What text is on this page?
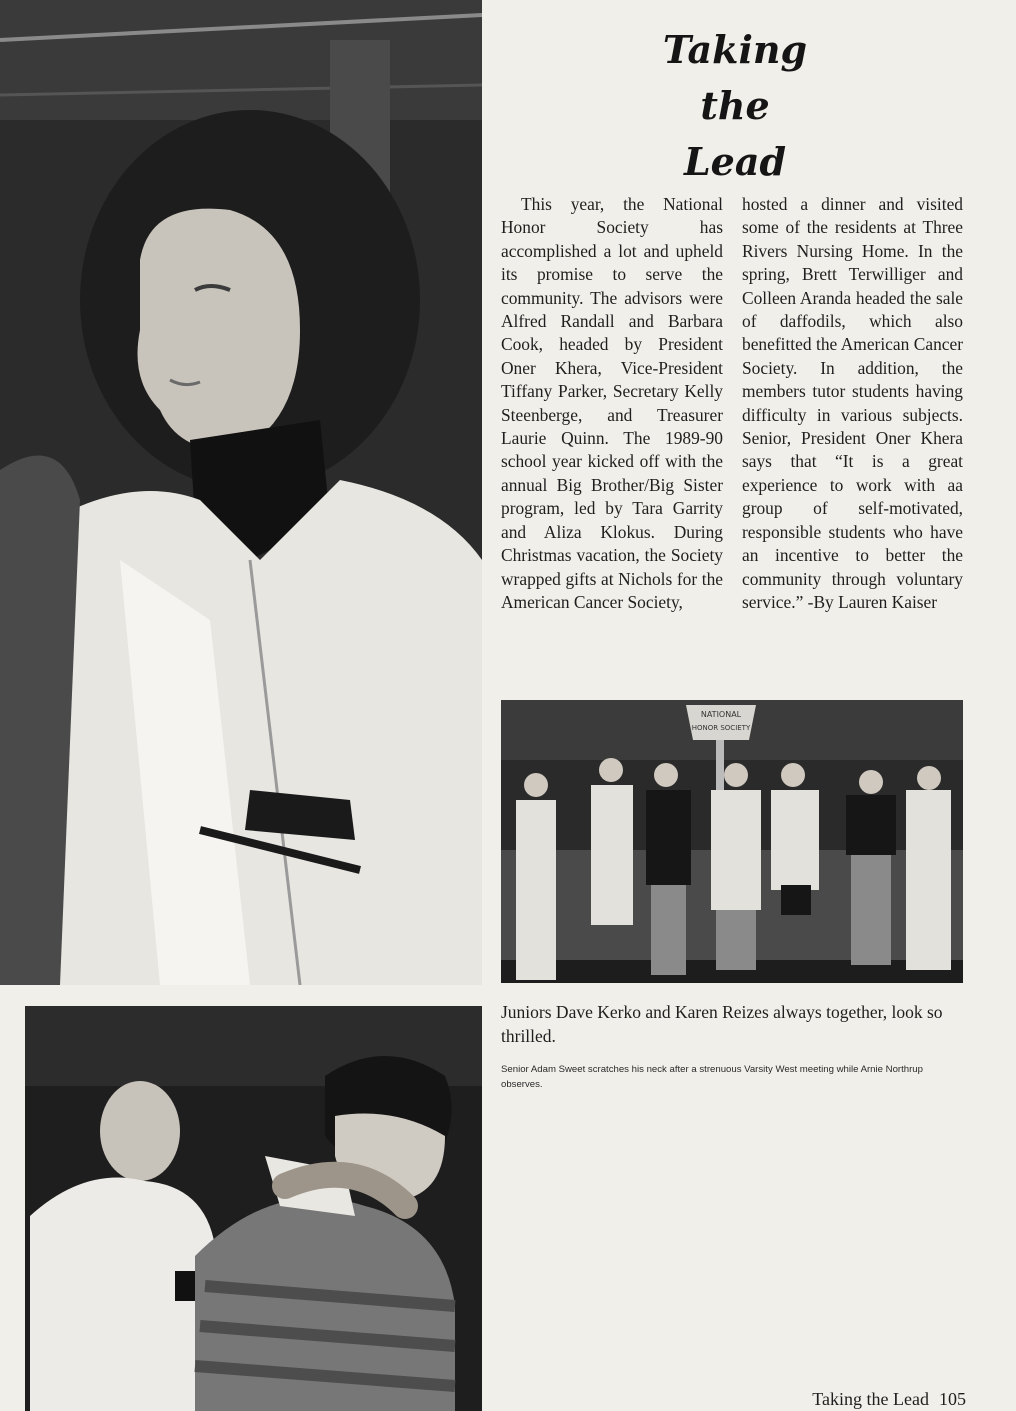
Taking
the
Lead

This year, the National Honor Society has accomplished a lot and upheld its promise to serve the community. The advisors were Alfred Randall and Barbara Cook, headed by President Oner Khera, Vice-President Tiffany Parker, Secretary Kelly Steenberge, and Treasurer Laurie Quinn. The 1989-90 school year kicked off with the annual Big Brother/Big Sister program, led by Tara Garrity and Aliza Klokus. During Christmas vacation, the Society wrapped gifts at Nichols for the American Cancer Society,

hosted a dinner and visited some of the residents at Three Rivers Nursing Home. In the spring, Brett Terwilliger and Colleen Aranda headed the sale of daffodils, which also benefitted the American Cancer Society. In addition, the members tutor students having difficulty in various subjects. Senior, President Oner Khera says that “It is a great experience to work with aa group of self-motivated, responsible students who have an incentive to better the community through voluntary service.” -By Lauren Kaiser

NATIONAL
HONOR SOCIETY
Juniors Dave Kerko and Karen Reizes always together, look so thrilled.
Senior Adam Sweet scratches his neck after a strenuous Varsity West meeting while Arnie Northrup observes.
Taking the Lead 105
